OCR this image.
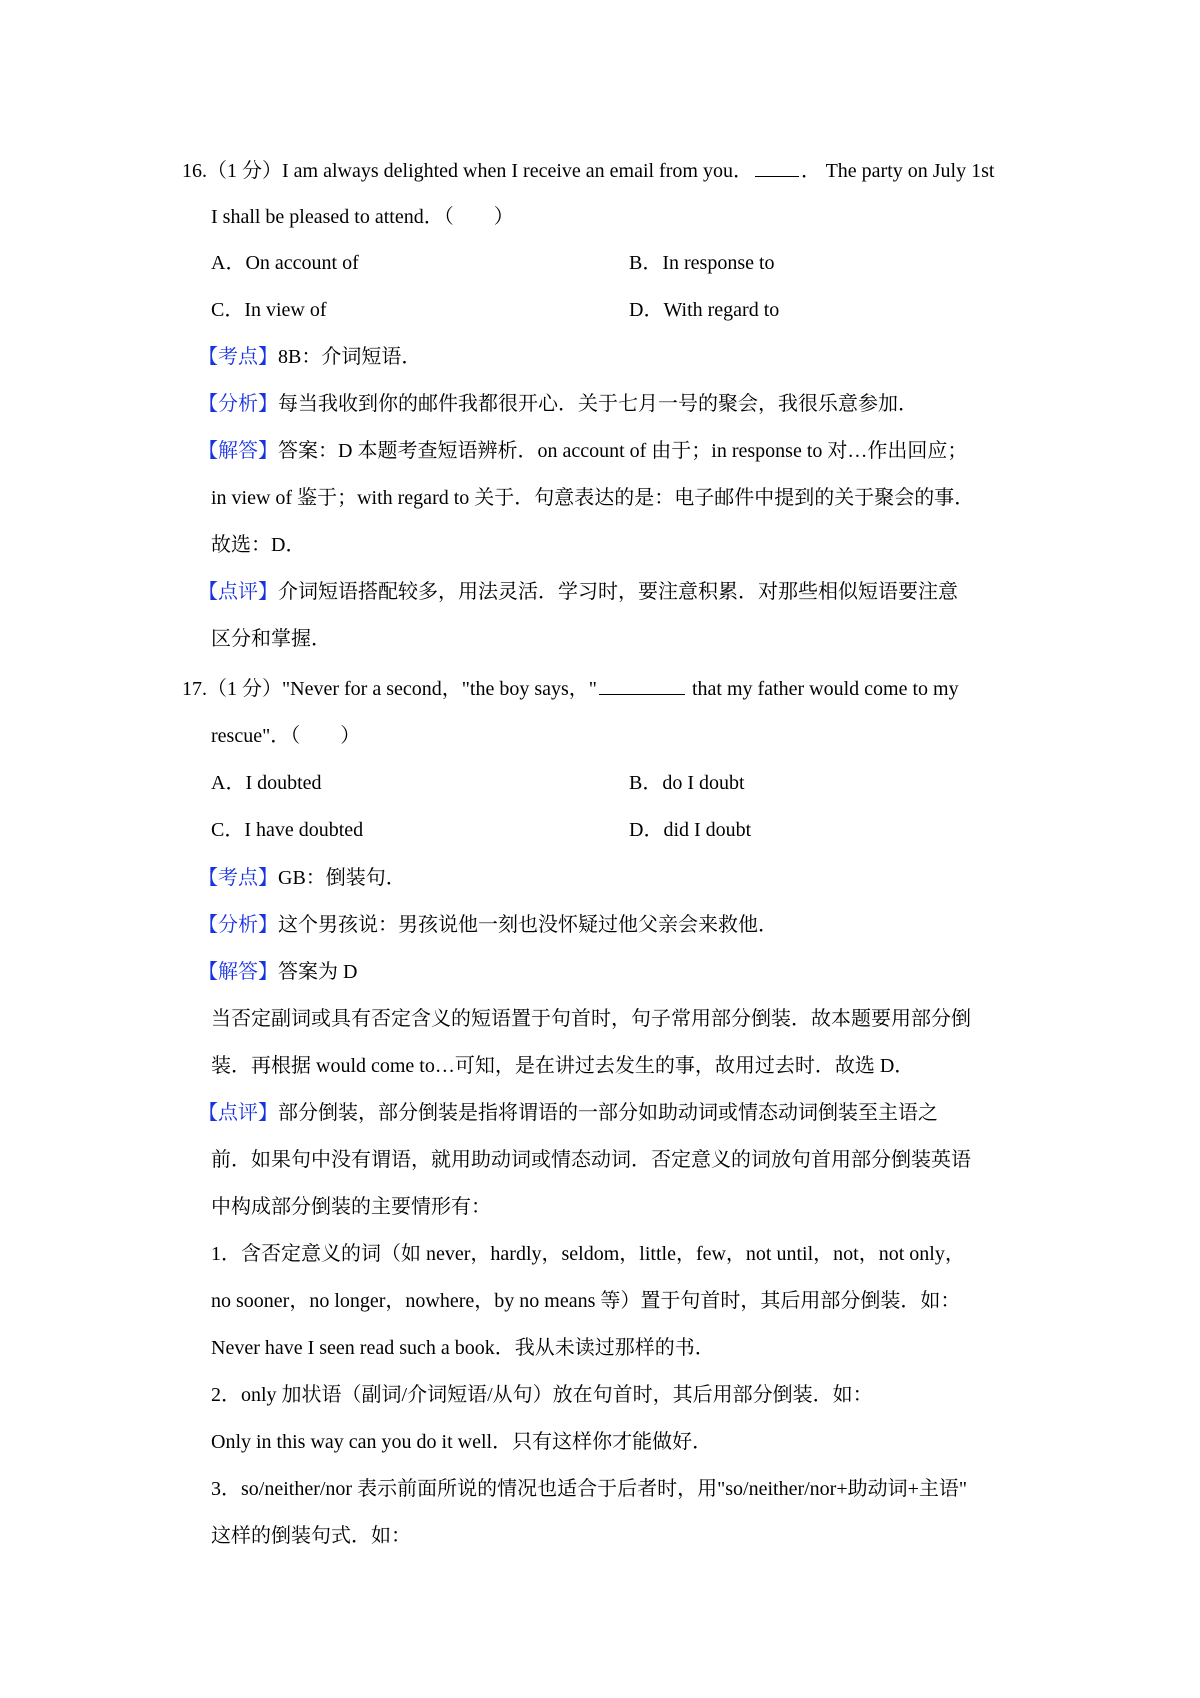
16.（1 分）I am always delighted when I receive an email from you． ． The party on July 1st
I shall be pleased to attend．（　　）
A．On account of	B．In response to
C．In view of	D．With regard to
【考点】8B：介词短语．
【分析】每当我收到你的邮件我都很开心．关于七月一号的聚会，我很乐意参加．
【解答】答案：D 本题考查短语辨析．on account of 由于；in response to 对…作出回应；
in view of 鉴于；with regard to 关于．句意表达的是：电子邮件中提到的关于聚会的事．
故选：D．
【点评】介词短语搭配较多，用法灵活．学习时，要注意积累．对那些相似短语要注意
区分和掌握．
17.（1 分）"Never for a second，"the boy says，"	that my father would come to my
rescue"．（　　）
A．I doubted	B．do I doubt
C．I have doubted	D．did I doubt
【考点】GB：倒装句．
【分析】这个男孩说：男孩说他一刻也没怀疑过他父亲会来救他．
【解答】答案为 D
当否定副词或具有否定含义的短语置于句首时，句子常用部分倒装．故本题要用部分倒
装．再根据 would come to…可知，是在讲过去发生的事，故用过去时．故选 D．
【点评】部分倒装，部分倒装是指将谓语的一部分如助动词或情态动词倒装至主语之
前．如果句中没有谓语，就用助动词或情态动词．否定意义的词放句首用部分倒装英语
中构成部分倒装的主要情形有：
1．含否定意义的词（如 never，hardly，seldom，little，few，not until，not，not only，
no sooner，no longer，nowhere，by no means 等）置于句首时，其后用部分倒装．如：
Never have I seen read such a book．我从未读过那样的书．
2．only 加状语（副词/介词短语/从句）放在句首时，其后用部分倒装．如：
Only in this way can you do it well．只有这样你才能做好．
3．so/neither/nor 表示前面所说的情况也适合于后者时，用"so/neither/nor+助动词+主语"
这样的倒装句式．如：
